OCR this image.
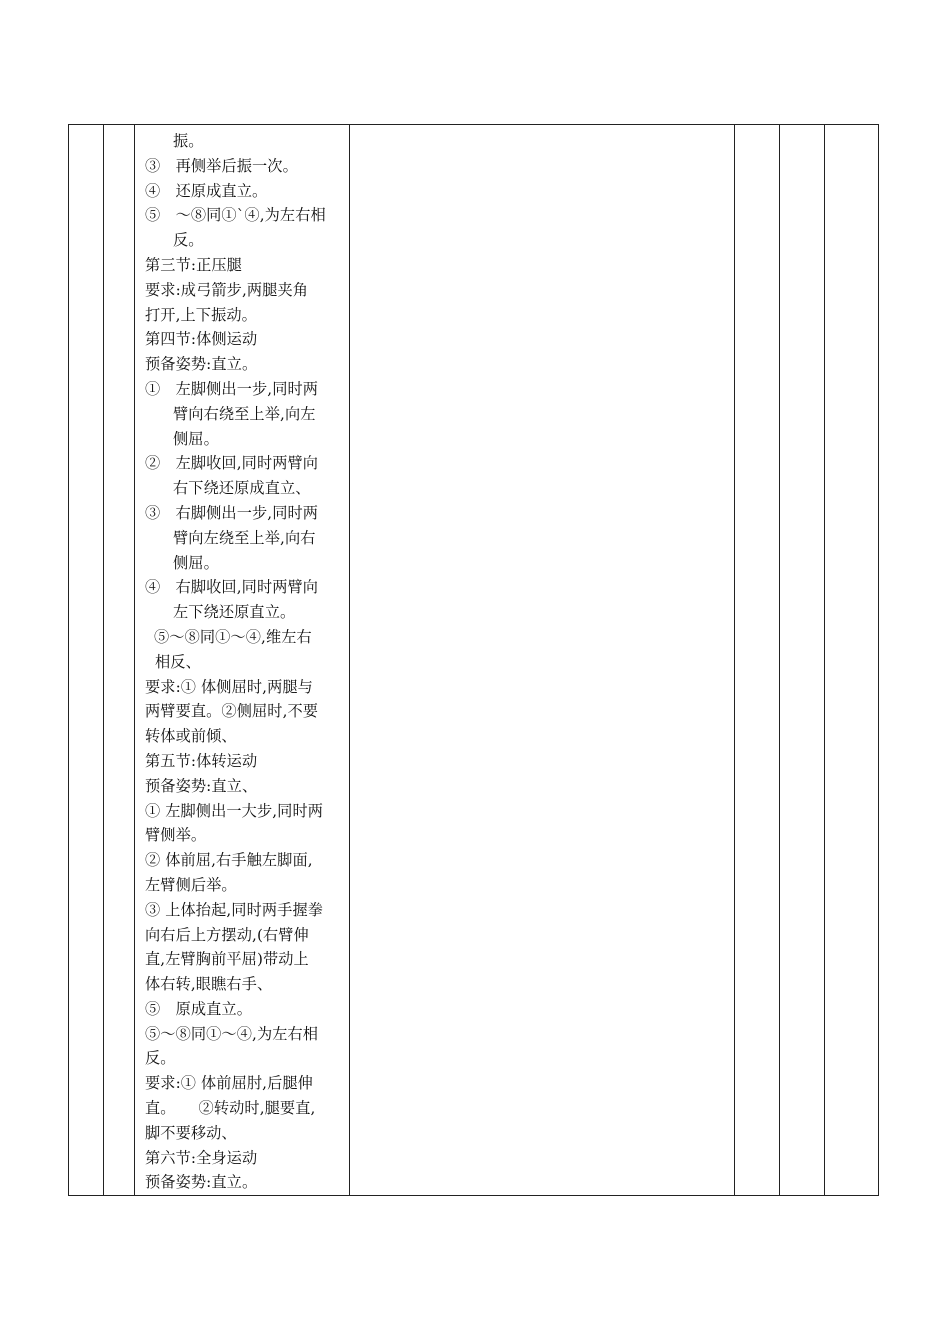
振。
③　再侧举后振一次。
④　还原成直立。
⑤　～⑧同①`④,为左右相
反。
第三节:正压腿
要求:成弓箭步,两腿夹角
打开,上下振动。
第四节:体侧运动
预备姿势:直立。
①　左脚侧出一步,同时两
臂向右绕至上举,向左
侧屈。
②　左脚收回,同时两臂向
右下绕还原成直立、
③　右脚侧出一步,同时两
臂向左绕至上举,向右
侧屈。
④　右脚收回,同时两臂向
左下绕还原直立。
⑤～⑧同①～④,维左右
相反、
要求:① 体侧屈时,两腿与
两臂要直。②侧屈时,不要
转体或前倾、
第五节:体转运动
预备姿势:直立、
① 左脚侧出一大步,同时两
臂侧举。
② 体前屈,右手触左脚面,
左臂侧后举。
③ 上体抬起,同时两手握拳
向右后上方摆动,(右臂伸
直,左臂胸前平屈)带动上
体右转,眼瞧右手、
⑤　原成直立。
⑤～⑧同①～④,为左右相
反。
要求:① 体前屈肘,后腿伸
直。　　②转动时,腿要直,
脚不要移动、
第六节:全身运动
预备姿势:直立。
